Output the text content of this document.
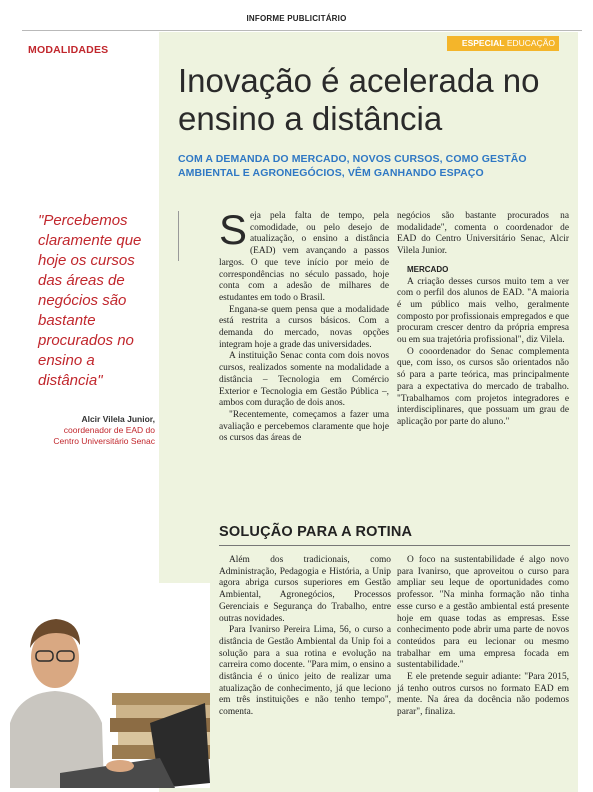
INFORME PUBLICITÁRIO
MODALIDADES
ESPECIAL EDUCAÇÃO
Inovação é acelerada no ensino a distância
COM A DEMANDA DO MERCADO, NOVOS CURSOS, COMO GESTÃO AMBIENTAL E AGRONEGÓCIOS, VÊM GANHANDO ESPAÇO
"Percebemos claramente que hoje os cursos das áreas de negócios são bastante procurados no ensino a distância"
Alcir Vilela Junior,
coordenador de EAD do Centro Universitário Senac

Seja pela falta de tempo, pela comodidade, ou pelo desejo de atualização, o ensino a distância (EAD) vem avançando a passos largos. O que teve início por meio de correspondências no século passado, hoje conta com a adesão de milhares de estudantes em todo o Brasil.

Engana-se quem pensa que a modalidade está restrita a cursos básicos. Com a demanda do mercado, novas opções integram hoje a grade das universidades.

A instituição Senac conta com dois novos cursos, realizados somente na modalidade a distância – Tecnologia em Comércio Exterior e Tecnologia em Gestão Pública –, ambos com duração de dois anos.

"Recentemente, começamos a fazer uma avaliação e percebemos claramente que hoje os cursos das áreas de

negócios são bastante procurados na modalidade", comenta o coordenador de EAD do Centro Universitário Senac, Alcir Vilela Junior.

MERCADO

A criação desses cursos muito tem a ver com o perfil dos alunos de EAD. "A maioria é um público mais velho, geralmente composto por profissionais empregados e que procuram crescer dentro da própria empresa ou em sua trajetória profissional", diz Vilela.

O cooordenador do Senac complementa que, com isso, os cursos são orientados não só para a parte teórica, mas principalmente para a expectativa do mercado de trabalho. "Trabalhamos com projetos integradores e interdisciplinares, que possuam um grau de aplicação por parte do aluno."

SOLUÇÃO PARA A ROTINA

Além dos tradicionais, como Administração, Pedagogia e História, a Unip agora abriga cursos superiores em Gestão Ambiental, Agronegócios, Processos Gerenciais e Segurança do Trabalho, entre outras novidades.

Para Ivanirso Pereira Lima, 56, o curso a distância de Gestão Ambiental da Unip foi a solução para a sua rotina e evolução na carreira como docente. "Para mim, o ensino a distância é o único jeito de realizar uma atualização de conhecimento, já que leciono em três instituições e não tenho tempo", comenta.

O foco na sustentabilidade é algo novo para Ivanirso, que aproveitou o curso para ampliar seu leque de oportunidades como professor. "Na minha formação não tinha esse curso e a gestão ambiental está presente hoje em quase todas as empresas. Esse conhecimento pode abrir uma parte de novos conteúdos para eu lecionar ou mesmo trabalhar em uma empresa focada em sustentabilidade."

E ele pretende seguir adiante: "Para 2015, já tenho outros cursos no formato EAD em mente. Na área da docência não podemos parar", finaliza.
